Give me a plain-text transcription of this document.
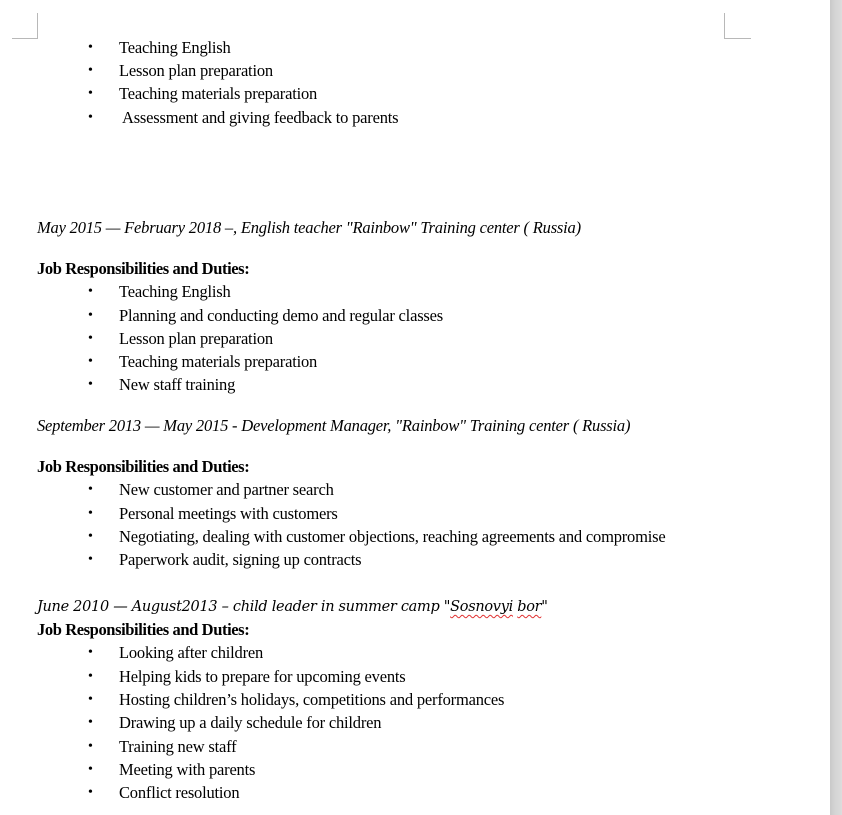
• Teaching English
• Lesson plan preparation
• Teaching materials preparation
• Assessment and giving feedback to parents
May 2015 — February 2018 –, English teacher "Rainbow" Training center ( Russia)
Job Responsibilities and Duties:
• Teaching English
• Planning and conducting demo and regular classes
• Lesson plan preparation
• Teaching materials preparation
• New staff training
September 2013 — May 2015 - Development Manager, "Rainbow" Training center ( Russia)
Job Responsibilities and Duties:
• New customer and partner search
• Personal meetings with customers
• Negotiating, dealing with customer objections, reaching agreements and compromise
• Paperwork audit, signing up contracts
June 2010 — August2013 – child leader in summer camp "Sosnovyi bor"
Job Responsibilities and Duties:
• Looking after children
• Helping kids to prepare for upcoming events
• Hosting children’s holidays, competitions and performances
• Drawing up a daily schedule for children
• Training new staff
• Meeting with parents
• Conflict resolution
